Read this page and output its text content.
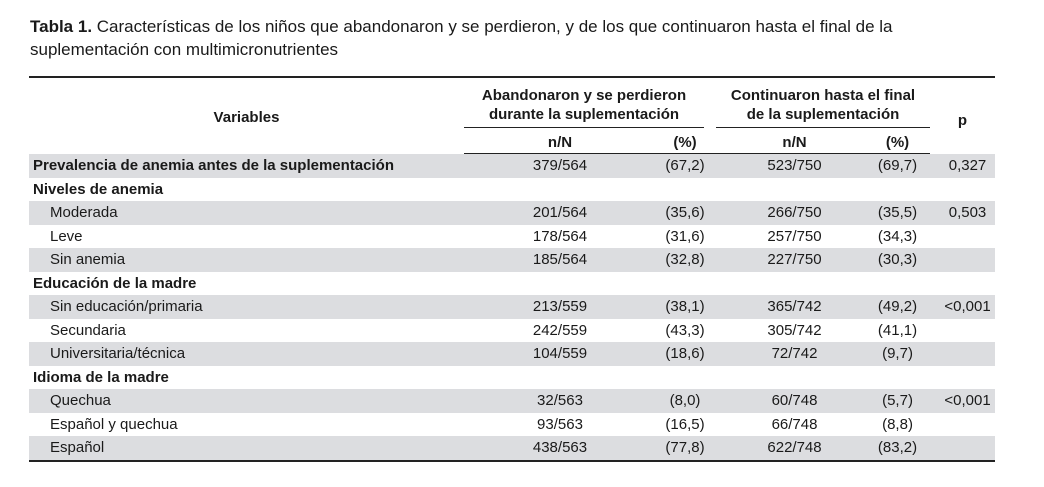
Tabla 1. Características de los niños que abandonaron y se perdieron, y de los que continuaron hasta el final de la suplementación con multimicronutrientes
Variables	Abandonaron y se perdieron
durante la suplementación		Continuaron hasta el final
de la suplementación		p
	n/N	(%)	n/N	(%)	
Prevalencia de anemia antes de la suplementación	379/564	(67,2)	523/750	(69,7)	0,327
Niveles de anemia					
Moderada	201/564	(35,6)	266/750	(35,5)	0,503
Leve	178/564	(31,6)	257/750	(34,3)	
Sin anemia	185/564	(32,8)	227/750	(30,3)	
Educación de la madre					
Sin educación/primaria	213/559	(38,1)	365/742	(49,2)	<0,001
Secundaria	242/559	(43,3)	305/742	(41,1)	
Universitaria/técnica	104/559	(18,6)	72/742	(9,7)	
Idioma de la madre					
Quechua	32/563	(8,0)	60/748	(5,7)	<0,001
Español y quechua	93/563	(16,5)	66/748	(8,8)	
Español	438/563	(77,8)	622/748	(83,2)	
